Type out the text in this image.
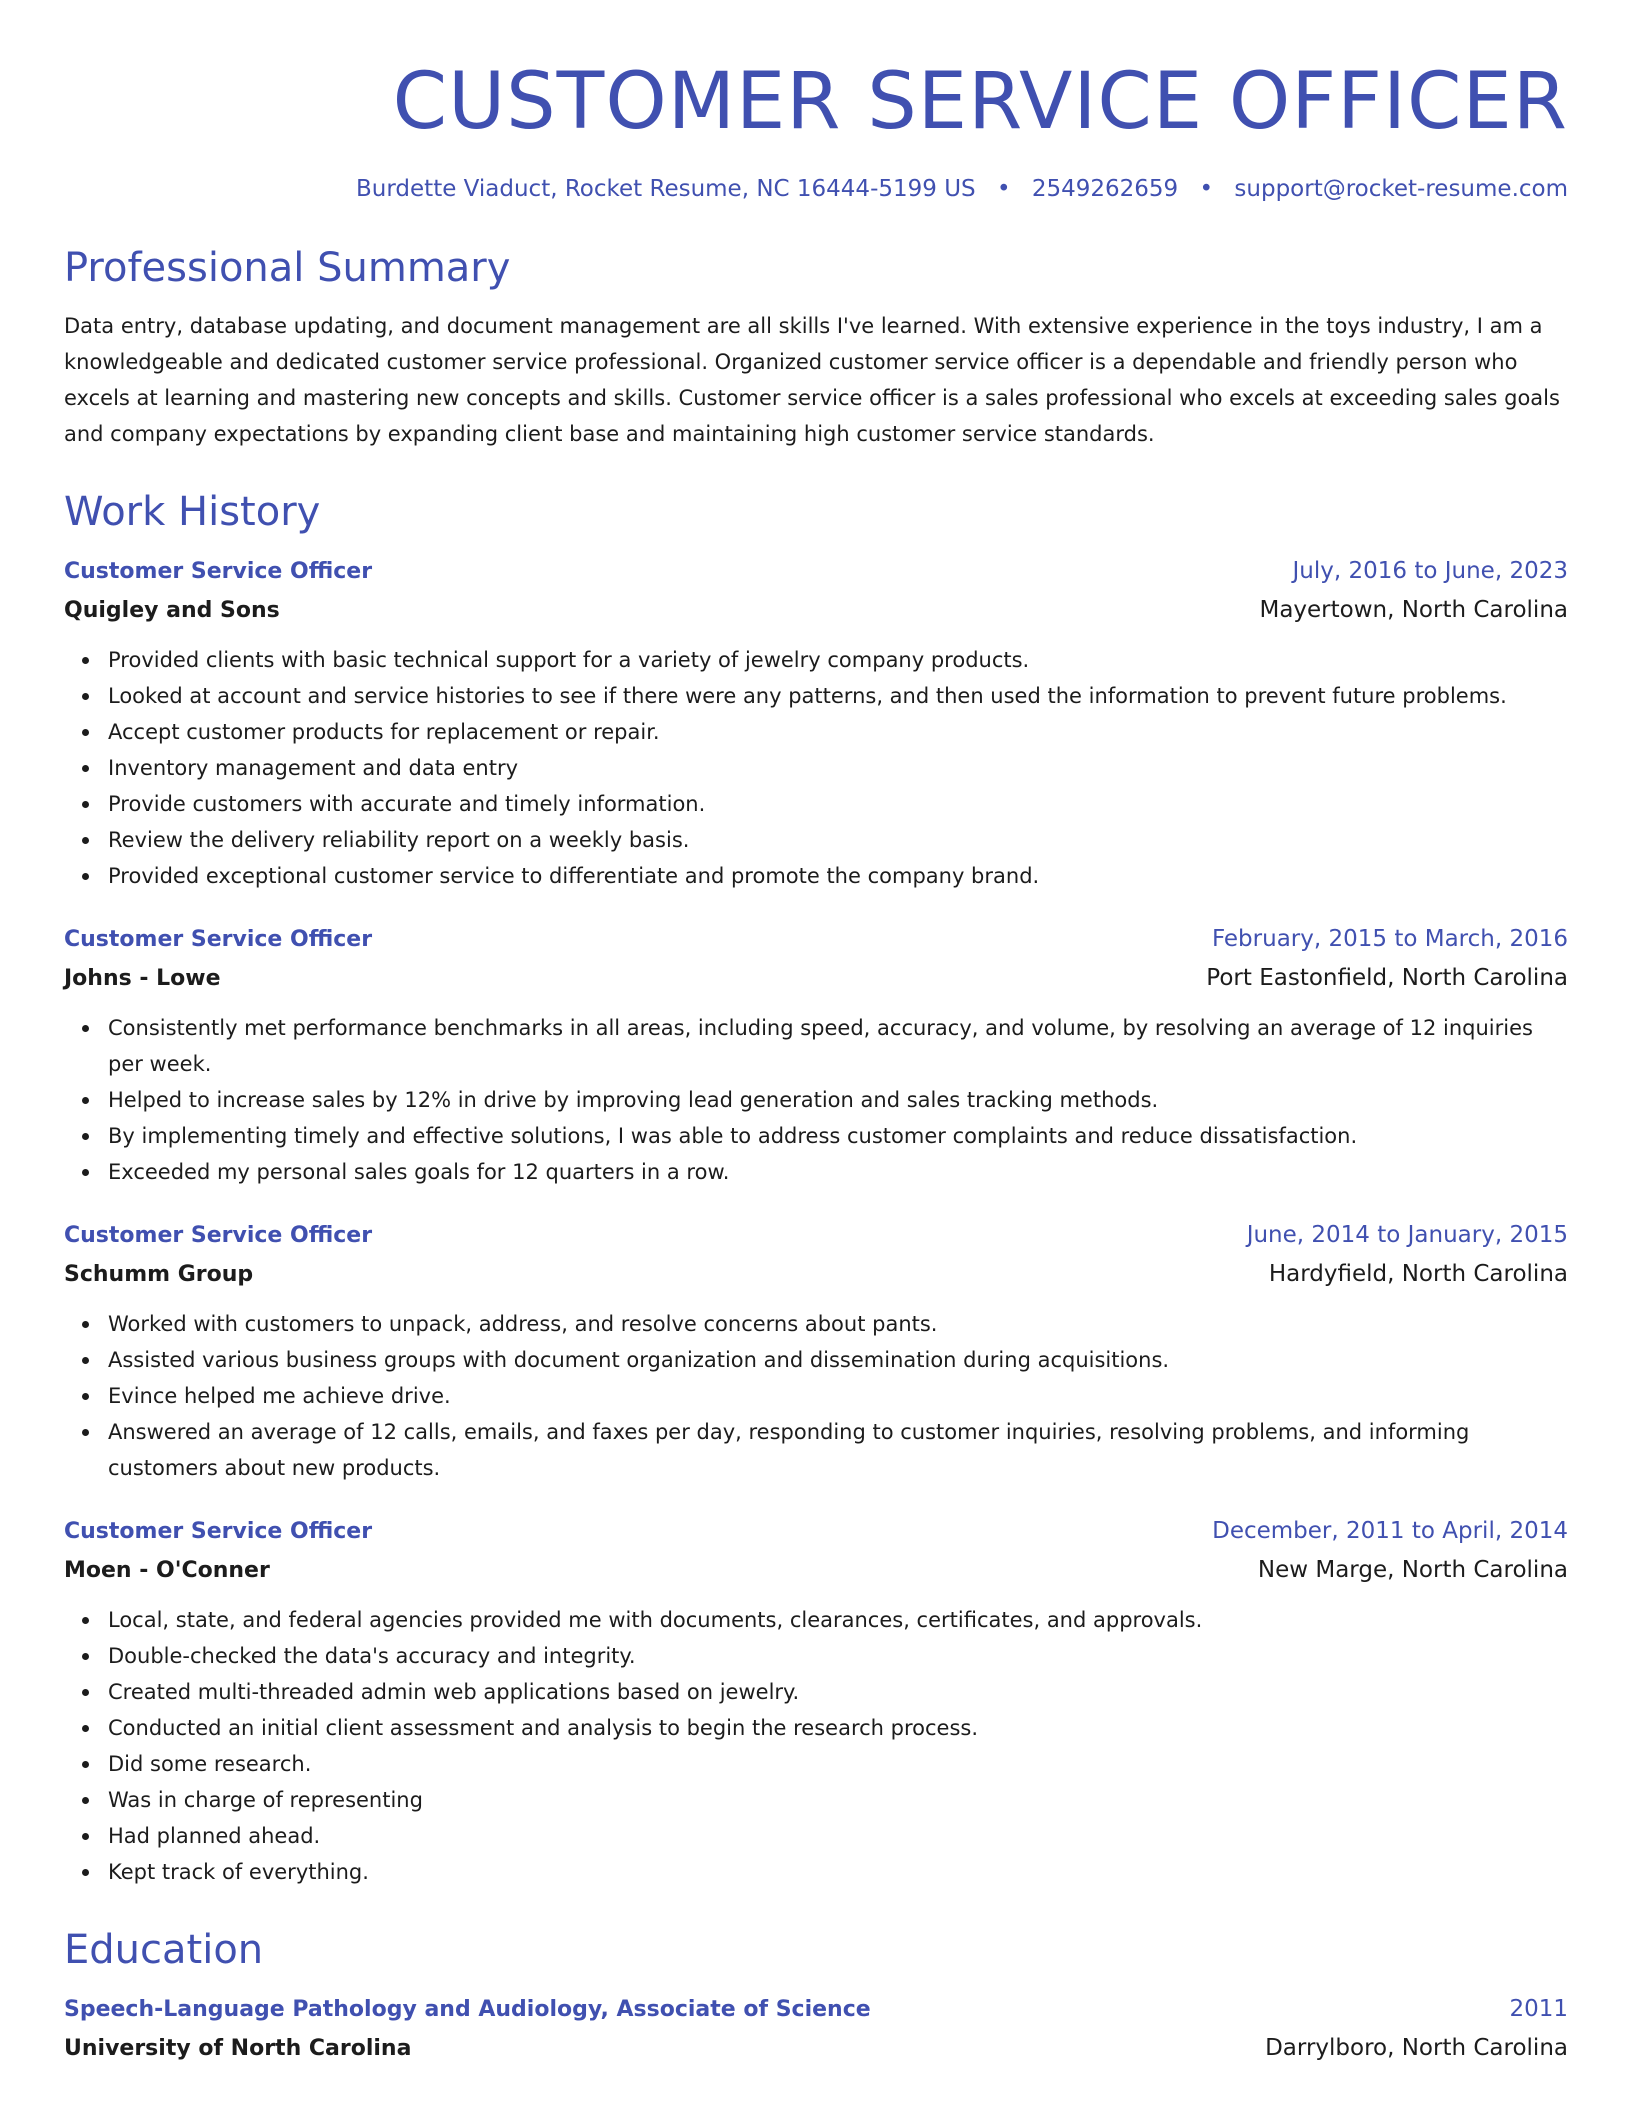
CUSTOMER SERVICE OFFICER
Burdette Viaduct, Rocket Resume, NC 16444-5199 US • 2549262659 • support@rocket-resume.com
Professional Summary

Data entry, database updating, and document management are all skills I've learned. With extensive experience in the toys industry, I am a knowledgeable and dedicated customer service professional. Organized customer service officer is a dependable and friendly person who excels at learning and mastering new concepts and skills. Customer service officer is a sales professional who excels at exceeding sales goals and company expectations by expanding client base and maintaining high customer service standards.

Work History
Customer Service Officer	July, 2016 to June, 2023
Quigley and Sons	Mayertown, North Carolina
Provided clients with basic technical support for a variety of jewelry company products.
Looked at account and service histories to see if there were any patterns, and then used the information to prevent future problems.
Accept customer products for replacement or repair.
Inventory management and data entry
Provide customers with accurate and timely information.
Review the delivery reliability report on a weekly basis.
Provided exceptional customer service to differentiate and promote the company brand.
Customer Service Officer	February, 2015 to March, 2016
Johns - Lowe	Port Eastonfield, North Carolina
Consistently met performance benchmarks in all areas, including speed, accuracy, and volume, by resolving an average of 12 inquiries per week.
Helped to increase sales by 12% in drive by improving lead generation and sales tracking methods.
By implementing timely and effective solutions, I was able to address customer complaints and reduce dissatisfaction.
Exceeded my personal sales goals for 12 quarters in a row.
Customer Service Officer	June, 2014 to January, 2015
Schumm Group	Hardyfield, North Carolina
Worked with customers to unpack, address, and resolve concerns about pants.
Assisted various business groups with document organization and dissemination during acquisitions.
Evince helped me achieve drive.
Answered an average of 12 calls, emails, and faxes per day, responding to customer inquiries, resolving problems, and informing customers about new products.
Customer Service Officer	December, 2011 to April, 2014
Moen - O'Conner	New Marge, North Carolina
Local, state, and federal agencies provided me with documents, clearances, certificates, and approvals.
Double-checked the data's accuracy and integrity.
Created multi-threaded admin web applications based on jewelry.
Conducted an initial client assessment and analysis to begin the research process.
Did some research.
Was in charge of representing
Had planned ahead.
Kept track of everything.
Education
Speech-Language Pathology and Audiology, Associate of Science	2011
University of North Carolina	Darrylboro, North Carolina
